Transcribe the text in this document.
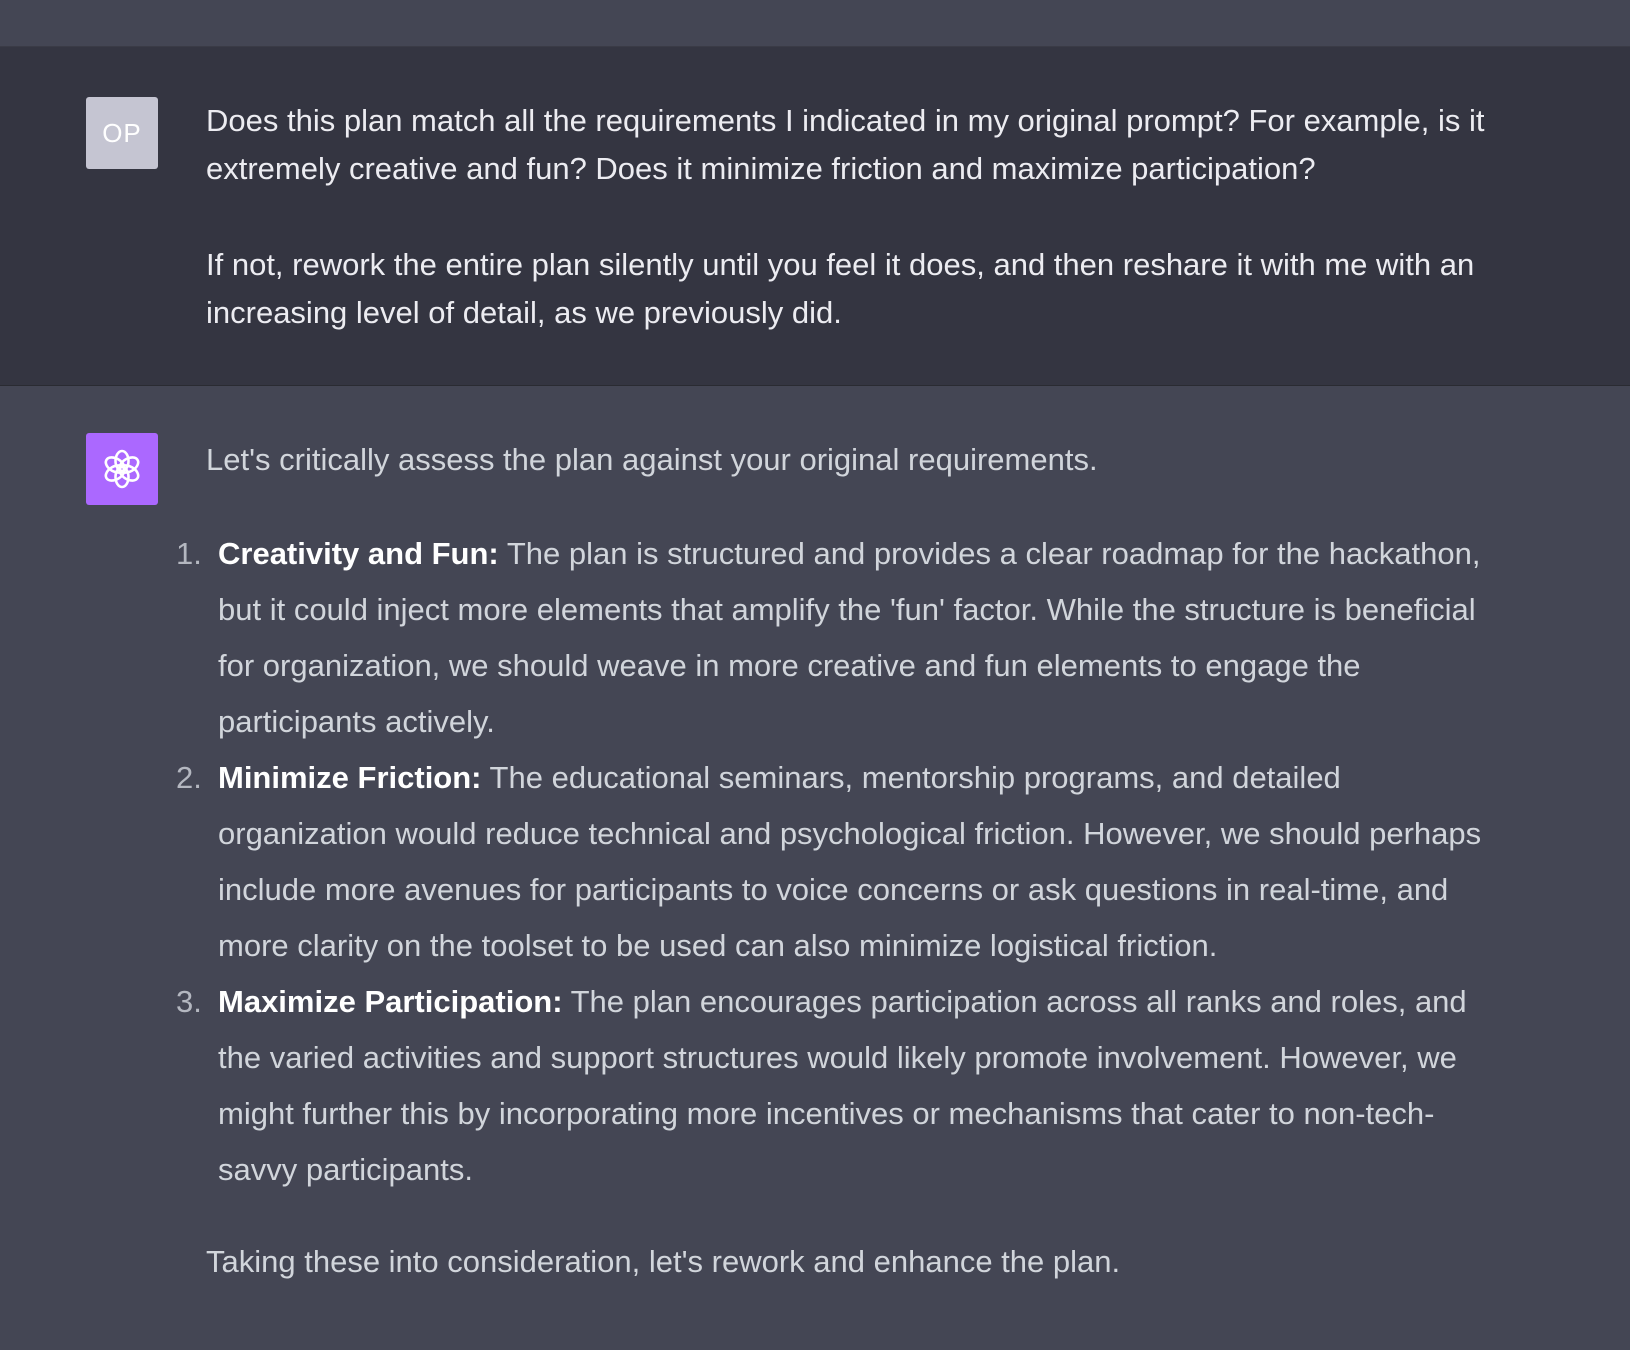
OP Does this plan match all the requirements I indicated in my original prompt? For example, is it extremely creative and fun? Does it minimize friction and maximize participation?

If not, rework the entire plan silently until you feel it does, and then reshare it with me with an increasing level of detail, as we previously did.

Let's critically assess the plan against your original requirements.

1. Creativity and Fun: The plan is structured and provides a clear roadmap for the hackathon, but it could inject more elements that amplify the 'fun' factor. While the structure is beneficial for organization, we should weave in more creative and fun elements to engage the participants actively.
2. Minimize Friction: The educational seminars, mentorship programs, and detailed organization would reduce technical and psychological friction. However, we should perhaps include more avenues for participants to voice concerns or ask questions in real-time, and more clarity on the toolset to be used can also minimize logistical friction.
3. Maximize Participation: The plan encourages participation across all ranks and roles, and the varied activities and support structures would likely promote involvement. However, we might further this by incorporating more incentives or mechanisms that cater to non-tech-savvy participants.

Taking these into consideration, let's rework and enhance the plan.
